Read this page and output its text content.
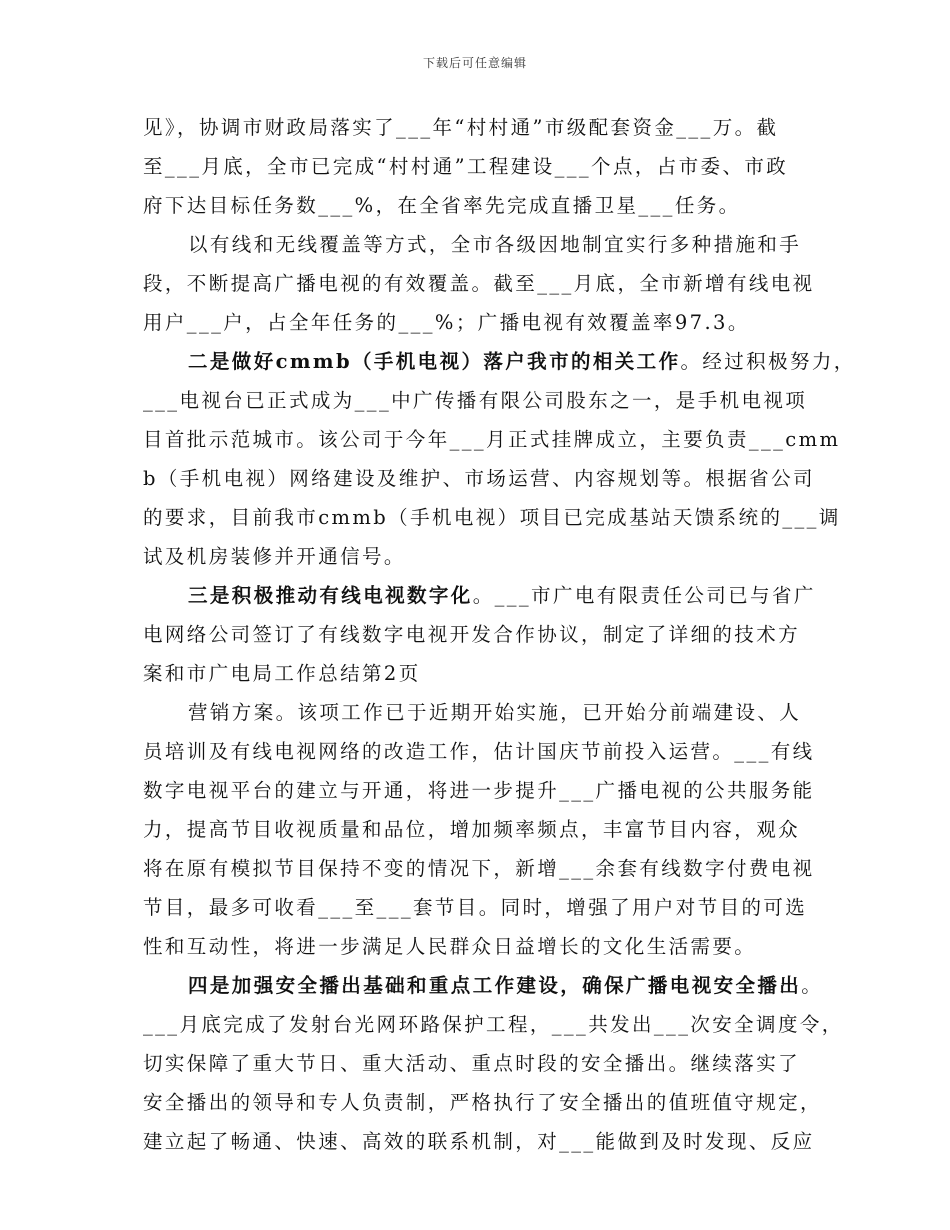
下载后可任意编辑
见》，协调市财政局落实了___年“村村通”市级配套资金___万。截
至___月底，全市已完成“村村通”工程建设___个点，占市委、市政
府下达目标任务数___%，在全省率先完成直播卫星___任务。
以有线和无线覆盖等方式，全市各级因地制宜实行多种措施和手
段，不断提高广播电视的有效覆盖。截至___月底，全市新增有线电视
用户___户，占全年任务的___%；广播电视有效覆盖率97.3。
二是做好cmmb（手机电视）落户我市的相关工作。经过积极努力，
___电视台已正式成为___中广传播有限公司股东之一，是手机电视项
目首批示范城市。该公司于今年___月正式挂牌成立，主要负责___cmm
b（手机电视）网络建设及维护、市场运营、内容规划等。根据省公司
的要求，目前我市cmmb（手机电视）项目已完成基站天馈系统的___调
试及机房装修并开通信号。
三是积极推动有线电视数字化。___市广电有限责任公司已与省广
电网络公司签订了有线数字电视开发合作协议，制定了详细的技术方
案和市广电局工作总结第2页
营销方案。该项工作已于近期开始实施，已开始分前端建设、人
员培训及有线电视网络的改造工作，估计国庆节前投入运营。___有线
数字电视平台的建立与开通，将进一步提升___广播电视的公共服务能
力，提高节目收视质量和品位，增加频率频点，丰富节目内容，观众
将在原有模拟节目保持不变的情况下，新增___余套有线数字付费电视
节目，最多可收看___至___套节目。同时，增强了用户对节目的可选
性和互动性，将进一步满足人民群众日益增长的文化生活需要。
四是加强安全播出基础和重点工作建设，确保广播电视安全播出。
___月底完成了发射台光网环路保护工程，___共发出___次安全调度令，
切实保障了重大节日、重大活动、重点时段的安全播出。继续落实了
安全播出的领导和专人负责制，严格执行了安全播出的值班值守规定，
建立起了畅通、快速、高效的联系机制，对___能做到及时发现、反应
